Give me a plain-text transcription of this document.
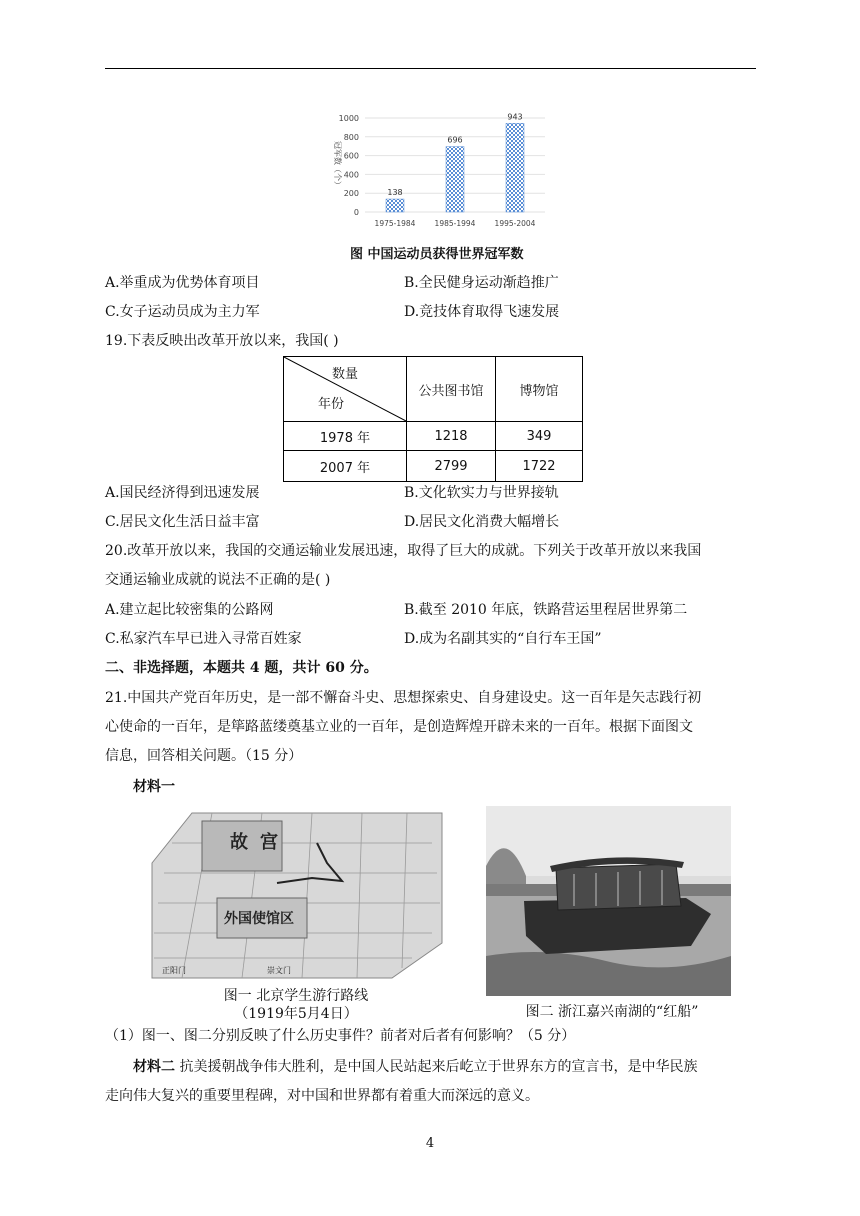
0
200
400
600
800
1000
冠军数（个）
138
1975-1984
696
1985-1994
943
1995-2004
图 中国运动员获得世界冠军数
A.举重成为优势体育项目	B.全民健身运动渐趋推广
C.女子运动员成为主力军	D.竞技体育取得飞速发展
19.下表反映出改革开放以来，我国( )
数量
年份	公共图书馆	博物馆
1978 年	1218	349
2007 年	2799	1722
A.国民经济得到迅速发展	B.文化软实力与世界接轨
C.居民文化生活日益丰富	D.居民文化消费大幅增长
20.改革开放以来，我国的交通运输业发展迅速，取得了巨大的成就。下列关于改革开放以来我国
交通运输业成就的说法不正确的是( )
A.建立起比较密集的公路网	B.截至 2010 年底，铁路营运里程居世界第二
C.私家汽车早已进入寻常百姓家	D.成为名副其实的“自行车王国”
二、非选择题，本题共 4 题，共计 60 分。
21.中国共产党百年历史，是一部不懈奋斗史、思想探索史、自身建设史。这一百年是矢志践行初
心使命的一百年，是筚路蓝缕奠基立业的一百年，是创造辉煌开辟未来的一百年。根据下面图文
信息，回答相关问题。（15 分）
材料一
故 宫
外国使馆区
正阳门	崇文门
图一 北京学生游行路线
（1919年5月4日）	图二 浙江嘉兴南湖的“红船”
（1）图一、图二分别反映了什么历史事件？前者对后者有何影响？（5 分）
材料二 抗美援朝战争伟大胜利，是中国人民站起来后屹立于世界东方的宣言书，是中华民族
走向伟大复兴的重要里程碑，对中国和世界都有着重大而深远的意义。
4
